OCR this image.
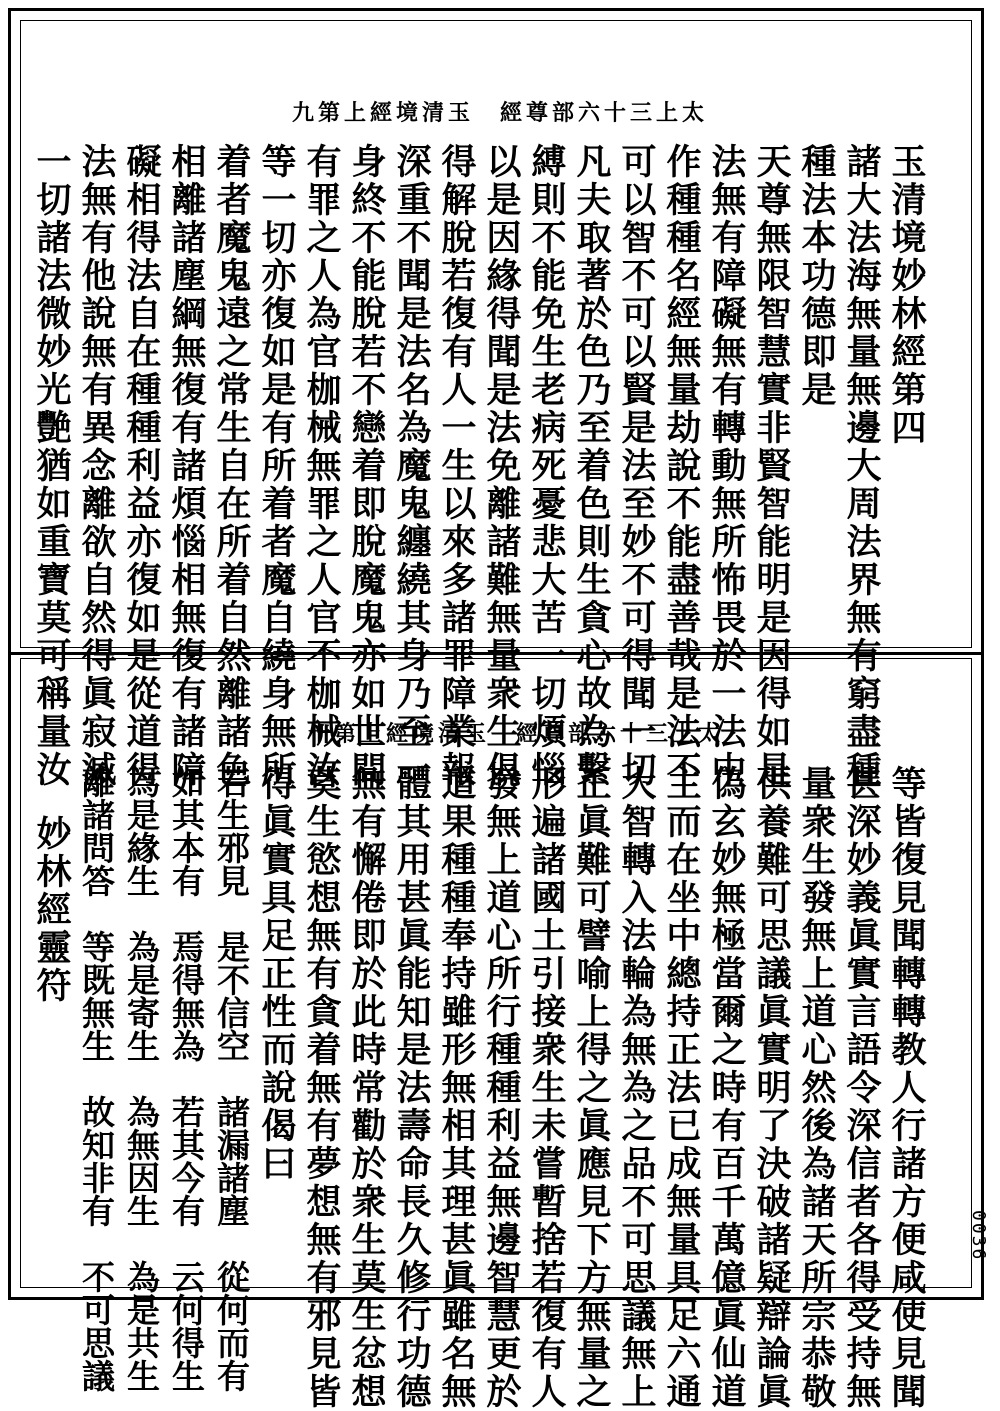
九第上經境清玉　經尊部六十三上太
十第上經境清玉　經尊部六十三上太
玉清境妙林經第四
諸大法海無量無邊大周法界無有窮盡種
種法本功德即是
天尊無限智慧實非賢智能明是因得如是
法無有障礙無有轉動無所怖畏於一法中
作種種名經無量劫說不能盡善哉是法不
可以智不可以賢是法至妙不可得聞一切
凡夫取著於色乃至着色則生貪心故為繫
縛則不能免生老病死憂悲大苦一切煩惱
以是因緣得聞是法免離諸難無量衆生俱
得解脫若復有人一生以來多諸罪障業報
深重不聞是法名為魔鬼纏繞其身乃至一
身終不能脫若不戀着即脫魔鬼亦如世間
有罪之人為官枷械無罪之人官不枷械汝
等一切亦復如是有所着者魔自繞身無所
着者魔鬼遠之常生自在所着自然離諸色
相離諸塵綱無復有諸煩惱相無復有諸障
礙相得法自在種種利益亦復如是從道得
法無有他說無有異念離欲自然得眞寂滅
一切諸法微妙光艷猶如重寶莫可稱量汝
等皆復見聞轉轉教人行諸方便咸使見聞
甚深妙義眞實言語令深信者各得受持無
量衆生發無上道心然後為諸天所宗恭敬
供養難可思議眞實明了決破諸疑辯論眞
偽玄妙無極當爾之時有百千萬億眞仙道
主而在坐中總持正法已成無量具足六通
大智轉入法輪為無為之品不可思議無上
正眞難可譬喻上得之眞應見下方無量之
形遍諸國土引接衆生未嘗暫捨若復有人
發無上道心所行種種利益無邊智慧更於
道果種種奉持雖形無相其理甚眞雖名無
體其用甚眞能知是法壽命長久修行功德
無有懈倦即於此時常勸於衆生莫生忿想
莫生慾想無有貪着無有夢想無有邪見皆
得眞實具足正性而說偈曰
若生邪見　是不信空　諸漏諸塵　從何而有
如其本有　焉得無為　若其今有　云何得生
為是緣生　為是寄生　為無因生　為是共生
離諸問答　等既無生　故知非有　不可思議
妙林經靈符
0036
